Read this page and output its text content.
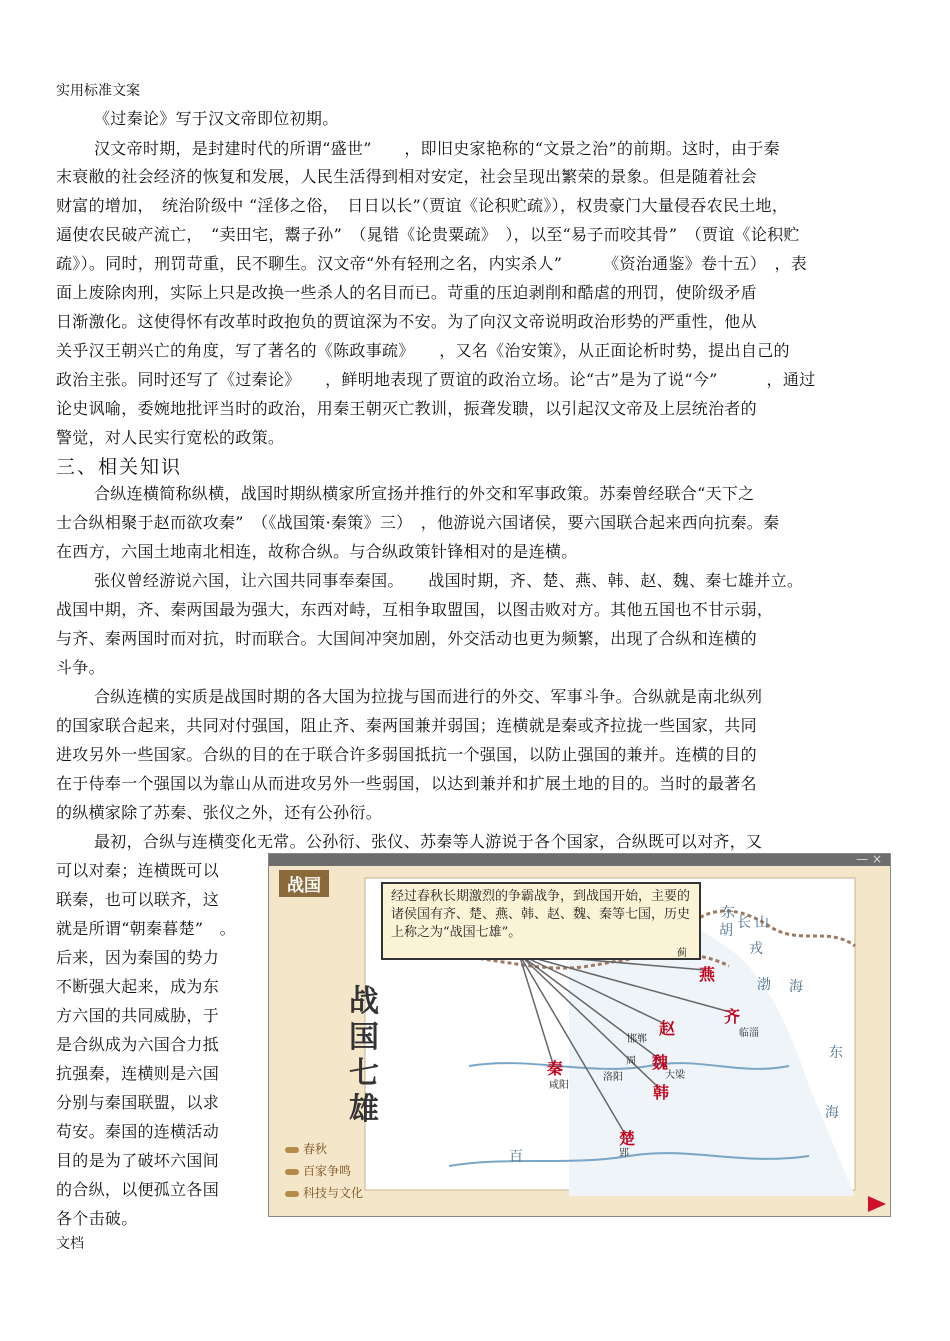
实用标准文案
《过秦论》写于汉文帝即位初期。
汉文帝时期，是封建时代的所谓“盛世”　　，即旧史家艳称的“文景之治”的前期。这时，由于秦
末衰敝的社会经济的恢复和发展，人民生活得到相对安定，社会呈现出繁荣的景象。但是随着社会
财富的增加，　统治阶级中 “淫侈之俗，　日日以长”（贾谊《论积贮疏》），权贵豪门大量侵吞农民土地，
逼使农民破产流亡，　“卖田宅，鬻子孙”　（晁错《论贵粟疏》　），以至“易子而咬其骨”　（贾谊《论积贮
疏》）。同时，刑罚苛重，民不聊生。汉文帝“外有轻刑之名，内实杀人”　　　《资治通鉴》卷十五）　，表
面上废除肉刑，实际上只是改换一些杀人的名目而已。苛重的压迫剥削和酷虐的刑罚，使阶级矛盾
日渐激化。这使得怀有改革时政抱负的贾谊深为不安。为了向汉文帝说明政治形势的严重性，他从
关乎汉王朝兴亡的角度，写了著名的《陈政事疏》　　，又名《治安策》，从正面论析时势，提出自己的
政治主张。同时还写了《过秦论》　　，鲜明地表现了贾谊的政治立场。论“古”是为了说“今”　　　，通过
论史讽喻，委婉地批评当时的政治，用秦王朝灭亡教训，振聋发聩，以引起汉文帝及上层统治者的
警觉，对人民实行宽松的政策。
三、相关知识
合纵连横简称纵横，战国时期纵横家所宣扬并推行的外交和军事政策。苏秦曾经联合“天下之
士合纵相聚于赵而欲攻秦”　（《战国策·秦策》三）　，他游说六国诸侯，要六国联合起来西向抗秦。秦
在西方，六国土地南北相连，故称合纵。与合纵政策针锋相对的是连横。
张仪曾经游说六国，让六国共同事奉秦国。　　战国时期，齐、楚、燕、韩、赵、魏、秦七雄并立。
战国中期，齐、秦两国最为强大，东西对峙，互相争取盟国，以图击败对方。其他五国也不甘示弱，
与齐、秦两国时而对抗，时而联合。大国间冲突加剧，外交活动也更为频繁，出现了合纵和连横的
斗争。
合纵连横的实质是战国时期的各大国为拉拢与国而进行的外交、军事斗争。合纵就是南北纵列
的国家联合起来，共同对付强国，阻止齐、秦两国兼并弱国；连横就是秦或齐拉拢一些国家，共同
进攻另外一些国家。合纵的目的在于联合许多弱国抵抗一个强国，以防止强国的兼并。连横的目的
在于侍奉一个强国以为靠山从而进攻另外一些弱国，以达到兼并和扩展土地的目的。当时的最著名
的纵横家除了苏秦、张仪之外，还有公孙衍。
最初，合纵与连横变化无常。公孙衍、张仪、苏秦等人游说于各个国家，合纵既可以对齐，又
可以对秦；连横既可以
联秦，也可以联齐，这
就是所谓“朝秦暮楚”　。
后来，因为秦国的势力
不断强大起来，成为东
方六国的共同威胁，于
是合纵成为六国合力抵
抗强秦，连横则是六国
分别与秦国联盟，以求
苟安。秦国的连横活动
目的是为了破坏六国间
的合纵，以便孤立各国
各个击破。
— ×
战国
经过春秋长期激烈的争霸战争，到战国开始，主要的诸侯国有齐、楚、燕、韩、赵、魏、秦等七国，历史上称之为“战国七雄”。
战国七雄
燕
赵
齐
秦	魏
韩
楚
蓟
临淄
邯郸
周
洛阳	大梁
咸阳
郢
东
胡 长 山
戎
渤 海
东
海
百
春秋
百家争鸣
科技与文化
文档
